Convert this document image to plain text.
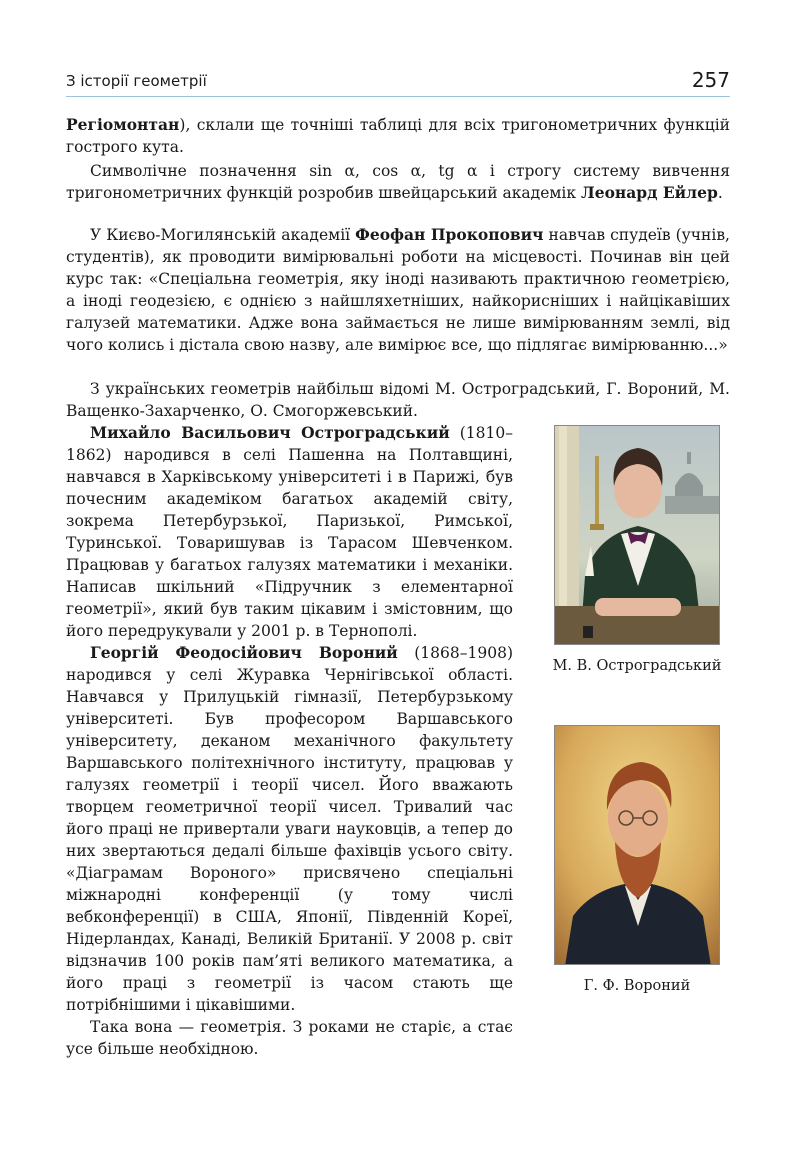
З історії геометрії	257

Регіомонтан), склали ще точніші таблиці для всіх тригонометричних функцій гострого кута.

Символічне позначення sin α, cos α, tg α і строгу систему вивчення тригонометричних функцій розробив швейцарський академік Леонард Ейлер.

У Києво-Могилянській академії Феофан Прокопович навчав спудеїв (учнів, студентів), як проводити вимірювальні роботи на місцевості. Починав він цей курс так: «Спеціальна геометрія, яку іноді називають практичною геометрією, а іноді геодезією, є однією з найшляхетніших, найкорисніших і найцікавіших галузей математики. Адже вона займається не лише вимірюванням землі, від чого колись і дістала свою назву, але вимірює все, що підлягає вимірюванню...»

З українських геометрів найбільш відомі М. Остроградський, Г. Вороний, М. Ващенко-Захарченко, О. Смогоржевський.

Михайло Васильович Остроградський (1810–1862) народився в селі Пашенна на Полтавщині, навчався в Харківському університеті і в Парижі, був почесним академіком багатьох академій світу, зокрема Петербурзької, Паризької, Римської, Туринської. Товаришував із Тарасом Шевченком. Працював у багатьох галузях математики і механіки. Написав шкільний «Підручник з елементарної геометрії», який був таким цікавим і змістовним, що його передрукували у 2001 р. в Тернополі.

Георгій Феодосійович Вороний (1868–1908) народився у селі Журавка Чернігівської області. Навчався у Прилуцькій гімназії, Петербурзькому університеті. Був професором Варшавського університету, деканом механічного факультету Варшавського політехнічного інституту, працював у галузях геометрії і теорії чисел. Його вважають творцем геометричної теорії чисел. Тривалий час його праці не привертали уваги науковців, а тепер до них звертаються дедалі більше фахівців усього світу. «Діаграмам Вороного» присвячено спеціальні міжнародні конференції (у тому числі вебконференції) в США, Японії, Південній Кореї, Нідерландах, Канаді, Великій Британії. У 2008 р. світ відзначив 100 років пам’яті великого математика, а його праці з геометрії із часом стають ще потрібнішими і цікавішими.

Така вона — геометрія. З роками не старіє, а стає усе більше необхідною.

М. В. Остроградський
Г. Ф. Вороний
